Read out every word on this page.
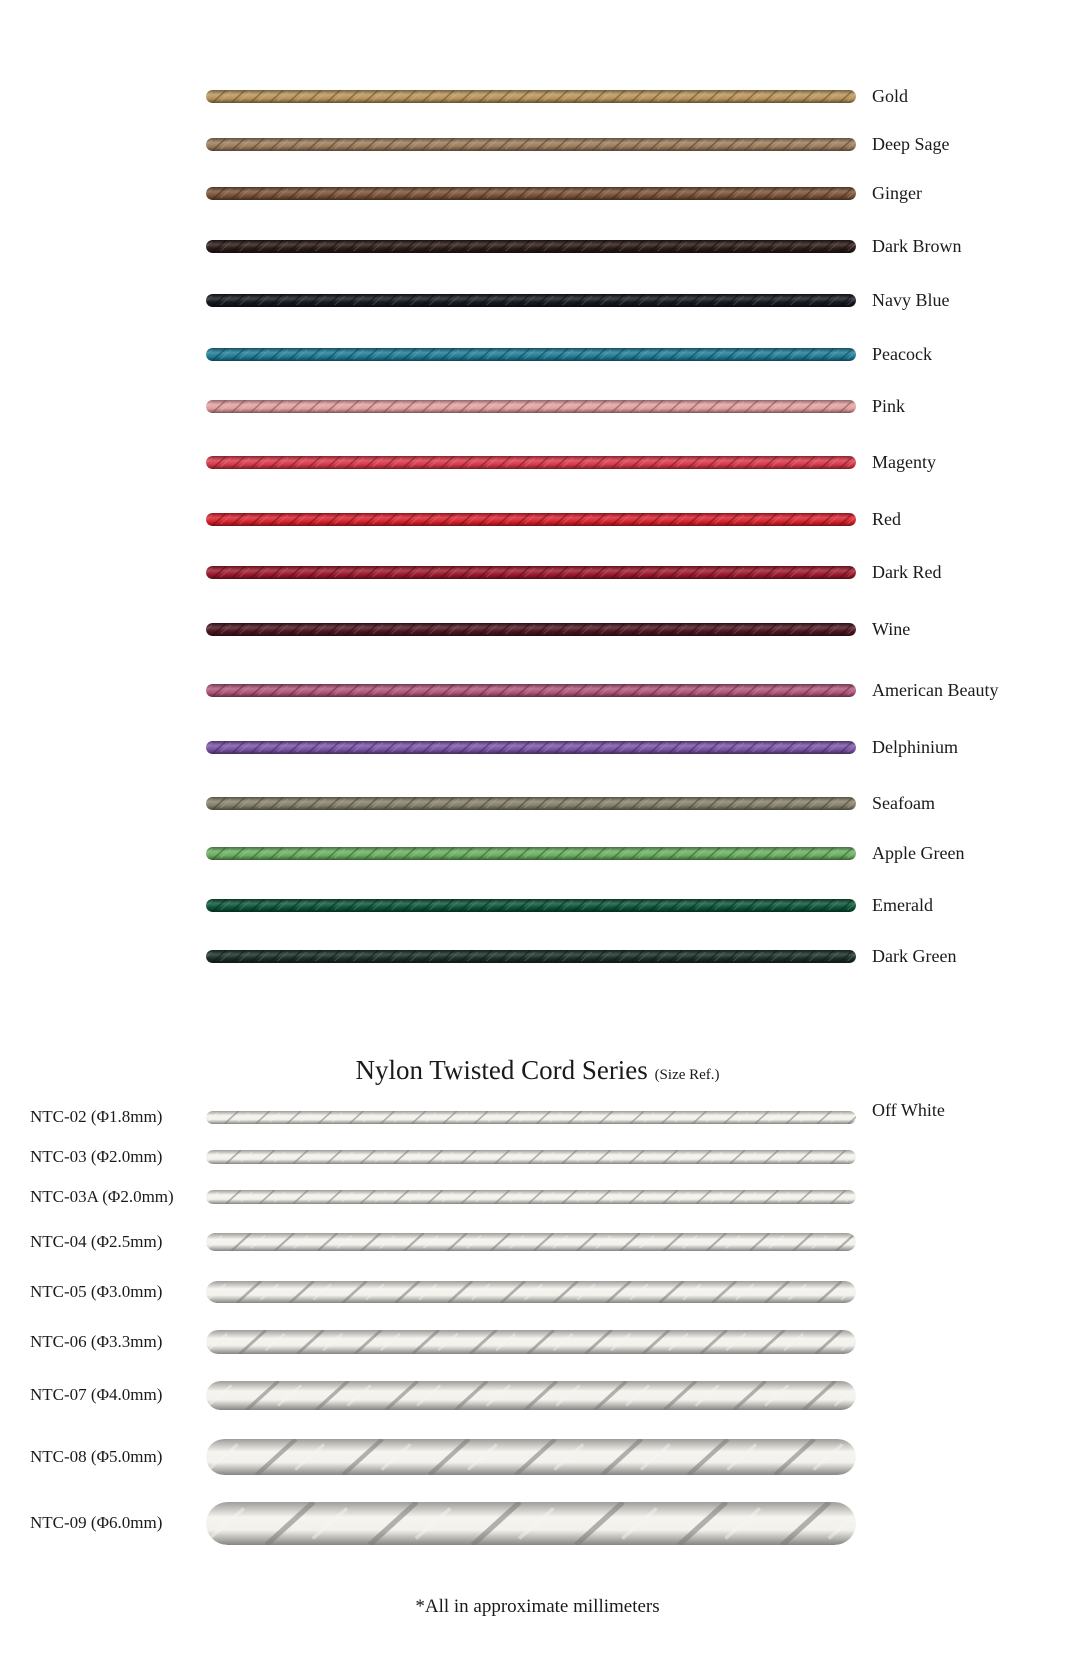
Gold
Deep Sage
Ginger
Dark Brown
Navy Blue
Peacock
Pink
Magenty
Red
Dark Red
Wine
American Beauty
Delphinium
Seafoam
Apple Green
Emerald
Dark Green
Nylon Twisted Cord Series (Size Ref.)
Off White
NTC-02 (Φ1.8mm)
NTC-03 (Φ2.0mm)
NTC-03A (Φ2.0mm)
NTC-04 (Φ2.5mm)
NTC-05 (Φ3.0mm)
NTC-06 (Φ3.3mm)
NTC-07 (Φ4.0mm)
NTC-08 (Φ5.0mm)
NTC-09 (Φ6.0mm)
*All in approximate millimeters
